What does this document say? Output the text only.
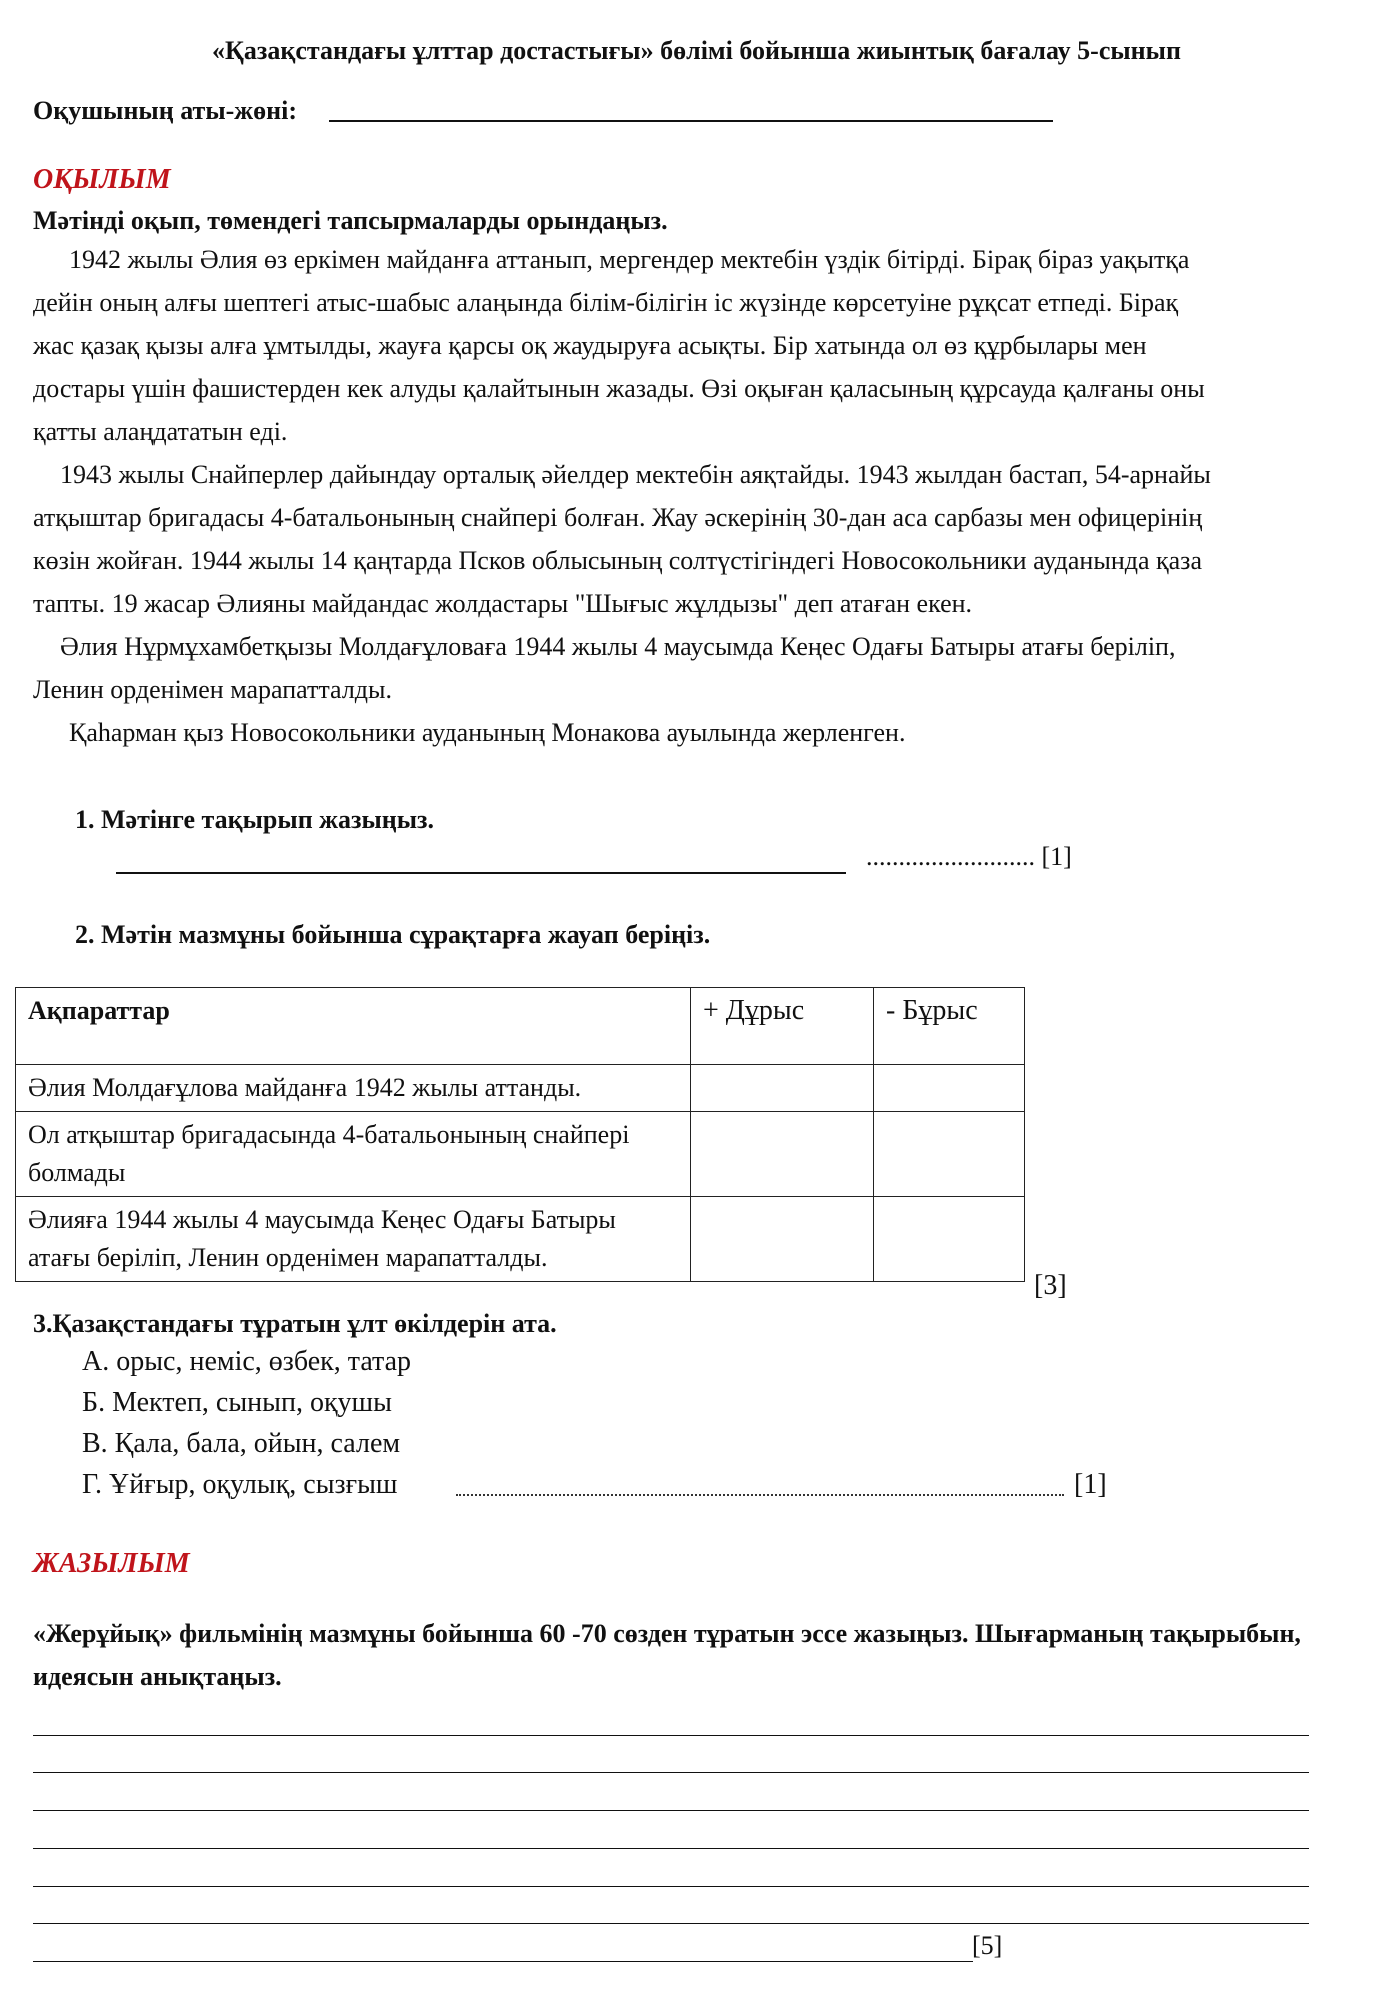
«Қазақстандағы ұлттар достастығы» бөлімі бойынша жиынтық бағалау 5-сынып
Оқушының аты-жөні:
ОҚЫЛЫМ
Мәтінді оқып, төмендегі тапсырмаларды орындаңыз.

1942 жылы Әлия өз еркімен майданға аттанып, мергендер мектебін үздік бітірді. Бірақ біраз уақытқа

дейін оның алғы шептегі атыс-шабыс алаңында білім-білігін іс жүзінде көрсетуіне рұқсат етпеді. Бірақ

жас қазақ қызы алға ұмтылды, жауға қарсы оқ жаудыруға асықты. Бір хатында ол өз құрбылары мен

достары үшін фашистерден кек алуды қалайтынын жазады. Өзі оқыған қаласының құрсауда қалғаны оны

қатты алаңдататын еді.

1943 жылы Снайперлер дайындау орталық әйелдер мектебін аяқтайды. 1943 жылдан бастап, 54-арнайы

атқыштар бригадасы 4-батальонының снайпері болған. Жау әскерінің 30-дан аса сарбазы мен офицерінің

көзін жойған. 1944 жылы 14 қаңтарда Псков облысының солтүстігіндегі Новосокольники ауданында қаза

тапты. 19 жасар Әлияны майдандас жолдастары "Шығыс жұлдызы" деп атаған екен.

Әлия Нұрмұхамбетқызы Молдағұловаға 1944 жылы 4 маусымда Кеңес Одағы Батыры атағы беріліп,

Ленин орденімен марапатталды.

Қаһарман қыз Новосокольники ауданының Монакова ауылында жерленген.

1. Мәтінге тақырып жазыңыз.
.......................... [1]
2. Мәтін мазмұны бойынша сұрақтарға жауап беріңіз.
Ақпараттар	+ Дұрыс	- Бұрыс
Әлия Молдағұлова майданға 1942 жылы аттанды.		
Ол атқыштар бригадасында 4-батальонының снайпері болмады		
Әлияға 1944 жылы 4 маусымда Кеңес Одағы Батыры атағы беріліп, Ленин орденімен марапатталды.		
[3]
3.Қазақстандағы тұратын ұлт өкілдерін ата.
А. орыс, неміс, өзбек, татар
Б. Мектеп, сынып, оқушы
В. Қала, бала, ойын, салем
Г. Ұйғыр, оқулық, сызғыш	[1]
ЖАЗЫЛЫМ
«Жерұйық» фильмінің мазмұны бойынша 60 -70 сөзден тұратын эссе жазыңыз. Шығарманың тақырыбын, идеясын анықтаңыз.
[5]
